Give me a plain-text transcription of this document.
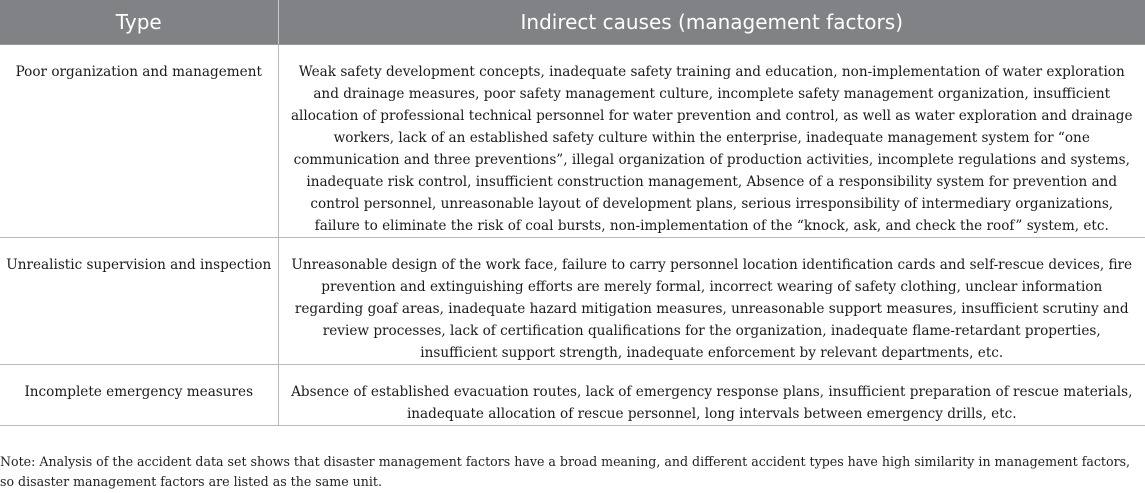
Type	Indirect causes (management factors)
Poor organization and management	Weak safety development concepts, inadequate safety training and education, non-implementation of water exploration and drainage measures, poor safety management culture, incomplete safety management organization, insufficient allocation of professional technical personnel for water prevention and control, as well as water exploration and drainage workers, lack of an established safety culture within the enterprise, inadequate management system for “one communication and three preventions”, illegal organization of production activities, incomplete regulations and systems, inadequate risk control, insufficient construction management, Absence of a responsibility system for prevention and control personnel, unreasonable layout of development plans, serious irresponsibility of intermediary organizations, failure to eliminate the risk of coal bursts, non-implementation of the “knock, ask, and check the roof” system, etc.
Unrealistic supervision and inspection	Unreasonable design of the work face, failure to carry personnel location identification cards and self-rescue devices, fire prevention and extinguishing efforts are merely formal, incorrect wearing of safety clothing, unclear information regarding goaf areas, inadequate hazard mitigation measures, unreasonable support measures, insufficient scrutiny and review processes, lack of certification qualifications for the organization, inadequate flame-retardant properties, insufficient support strength, inadequate enforcement by relevant departments, etc.
Incomplete emergency measures	Absence of established evacuation routes, lack of emergency response plans, insufficient preparation of rescue materials, inadequate allocation of rescue personnel, long intervals between emergency drills, etc.
Note: Analysis of the accident data set shows that disaster management factors have a broad meaning, and different accident types have high similarity in management factors, so disaster management factors are listed as the same unit.
